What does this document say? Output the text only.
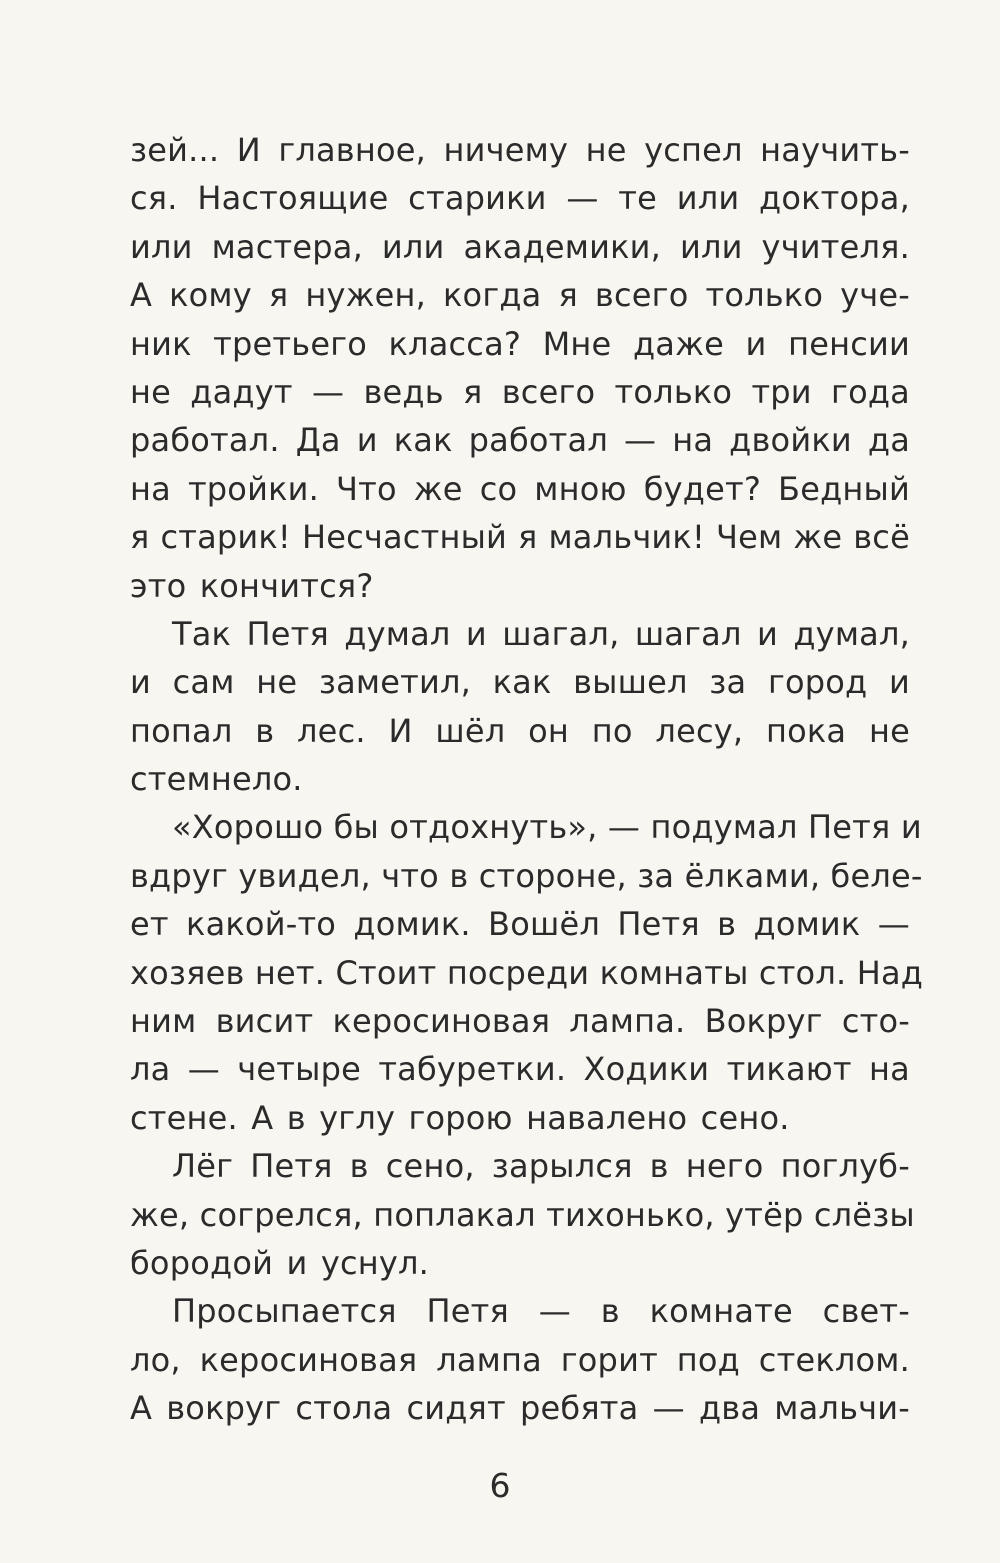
зей... И главное, ничему не успел научить-
ся. Настоящие старики — те или доктора,
или мастера, или академики, или учителя.
А кому я нужен, когда я всего только уче-
ник третьего класса? Мне даже и пенсии
не дадут — ведь я всего только три года
работал. Да и как работал — на двойки да
на тройки. Что же со мною будет? Бедный
я старик! Несчастный я мальчик! Чем же всё
это кончится?
Так Петя думал и шагал, шагал и думал,
и сам не заметил, как вышел за город и
попал в лес. И шёл он по лесу, пока не
стемнело.
«Хорошо бы отдохнуть», — подумал Петя и
вдруг увидел, что в стороне, за ёлками, беле-
ет какой-то домик. Вошёл Петя в домик —
хозяев нет. Стоит посреди комнаты стол. Над
ним висит керосиновая лампа. Вокруг сто-
ла — четыре табуретки. Ходики тикают на
стене. А в углу горою навалено сено.
Лёг Петя в сено, зарылся в него поглуб-
же, согрелся, поплакал тихонько, утёр слёзы
бородой и уснул.
Просыпается Петя — в комнате свет-
ло, керосиновая лампа горит под стеклом.
А вокруг стола сидят ребята — два мальчи-
6
